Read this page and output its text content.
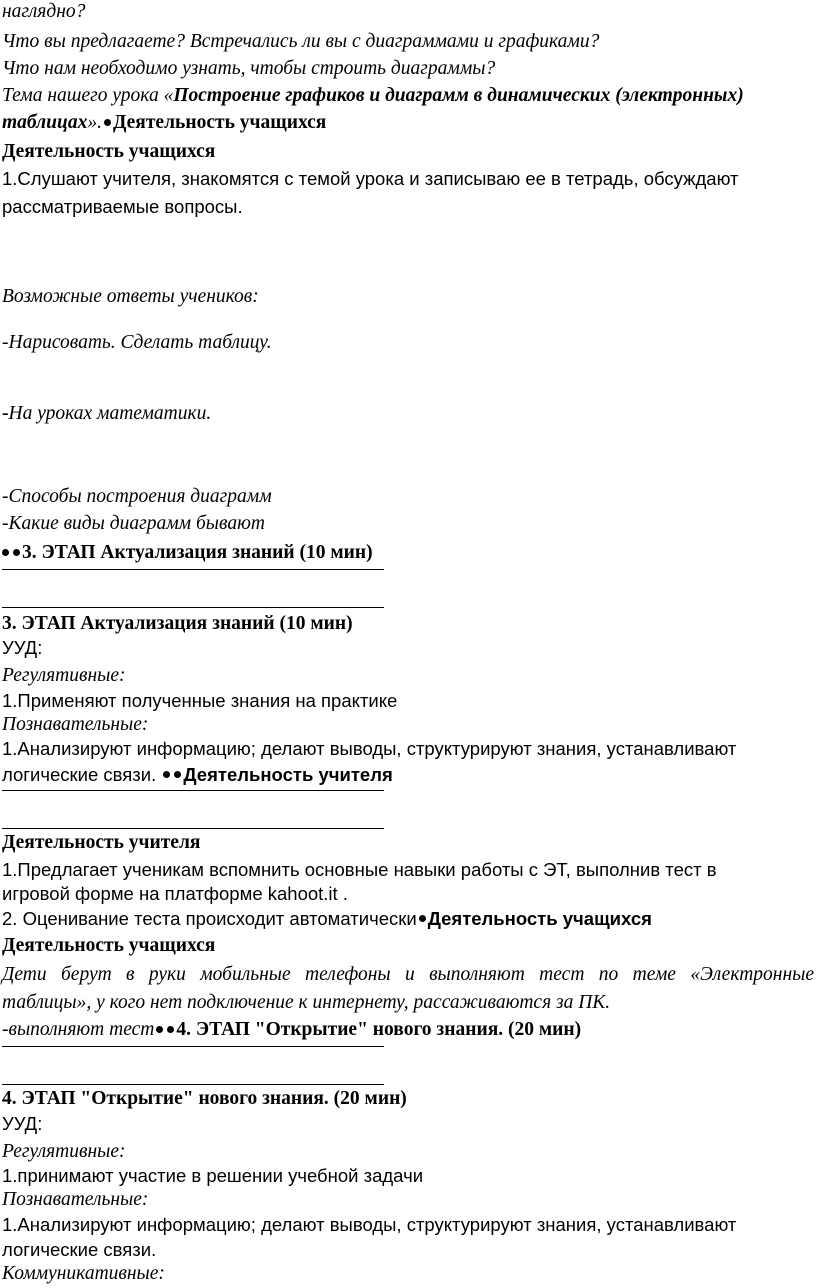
наглядно?
Что вы предлагаете? Встречались ли вы с диаграммами и графиками?
Что нам необходимо узнать, чтобы строить диаграммы?
Тема нашего урока «Построение графиков и диаграмм в динамических (электронных)
таблицах». Деятельность учащихся
Деятельность учащихся
1.Слушают учителя, знакомятся с темой урока и записываю ее в тетрадь, обсуждают
рассматриваемые вопросы.
Возможные ответы учеников:
-Нарисовать. Сделать таблицу.
-На уроках математики.
-Способы построения диаграмм
-Какие виды диаграмм бывают
3. ЭТАП Актуализация знаний (10 мин)
3. ЭТАП Актуализация знаний (10 мин)
УУД:
Регулятивные:
1.Применяют полученные знания на практике
Познавательные:
1.Анализируют информацию; делают выводы, структурируют знания, устанавливают
логические связи. Деятельность учителя
Деятельность учителя
1.Предлагает ученикам вспомнить основные навыки работы с ЭТ, выполнив тест в
игровой форме на платформе kahoot.it .
2. Оценивание теста происходит автоматически Деятельность учащихся
Деятельность учащихся
Дети берут в руки мобильные телефоны и выполняют тест по теме «Электронные
таблицы», у кого нет подключение к интернету, рассаживаются за ПК.
-выполняют тест 4. ЭТАП "Открытие" нового знания. (20 мин)
4. ЭТАП "Открытие" нового знания. (20 мин)
УУД:
Регулятивные:
1.принимают участие в решении учебной задачи
Познавательные:
1.Анализируют информацию; делают выводы, структурируют знания, устанавливают
логические связи.
Коммуникативные:
